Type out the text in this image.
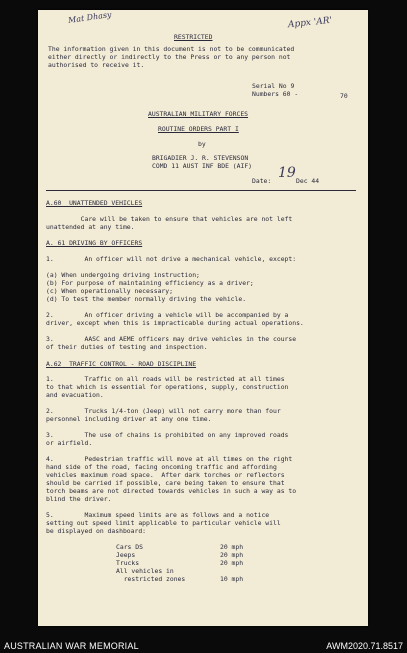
Mat Dhasy	Appx 'AR'
RESTRICTED
The information given in this document is not to be communicated
either directly or indirectly to the Press or to any person not
authorised to receive it.
Serial No 9
Numbers 60 -	70
AUSTRALIAN MILITARY FORCES
ROUTINE ORDERS PART I
by
BRIGADIER J. R. STEVENSON
COMD 11 AUST INF BDE (AIF)
Date: 19 Dec 44
A.60  UNATTENDED VEHICLES
Care will be taken to ensure that vehicles are not left
unattended at any time.
A. 61 DRIVING BY OFFICERS
1.        An officer will not drive a mechanical vehicle, except:
(a) When undergoing driving instruction;
(b) For purpose of maintaining efficiency as a driver;
(c) When operationally necessary;
(d) To test the member normally driving the vehicle.
2.        An officer driving a vehicle will be accompanied by a
driver, except when this is impracticable during actual operations.
3.        AASC and AEME officers may drive vehicles in the course
of their duties of testing and inspection.
A.62  TRAFFIC CONTROL - ROAD DISCIPLINE
1.        Traffic on all roads will be restricted at all times
to that which is essential for operations, supply, construction
and evacuation.
2.        Trucks 1/4-ton (Jeep) will not carry more than four
personnel including driver at any one time.
3.        The use of chains is prohibited on any improved roads
or airfield.
4.        Pedestrian traffic will move at all times on the right
hand side of the road, facing oncoming traffic and affording
vehicles maximum road space.  After dark torches or reflectors
should be carried if possible, care being taken to ensure that
torch beams are not directed towards vehicles in such a way as to
blind the driver.
5.        Maximum speed limits are as follows and a notice
setting out speed limit applicable to particular vehicle will
be displayed on dashboard:
Cars DS	20 mph
Jeeps	20 mph
Trucks	20 mph
All vehicles in
restricted zones	10 mph
AUSTRALIAN WAR MEMORIAL	AWM2020.71.8517
